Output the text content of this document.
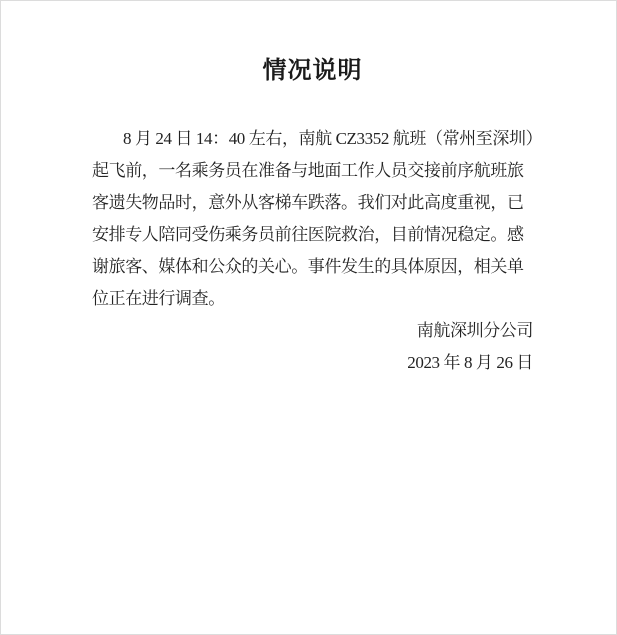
情况说明
8 月 24 日 14：40 左右，南航 CZ3352 航班（常州至深圳）
起飞前，一名乘务员在准备与地面工作人员交接前序航班旅
客遗失物品时，意外从客梯车跌落。我们对此高度重视，已
安排专人陪同受伤乘务员前往医院救治，目前情况稳定。感
谢旅客、媒体和公众的关心。事件发生的具体原因，相关单
位正在进行调查。
南航深圳分公司
2023 年 8 月 26 日
